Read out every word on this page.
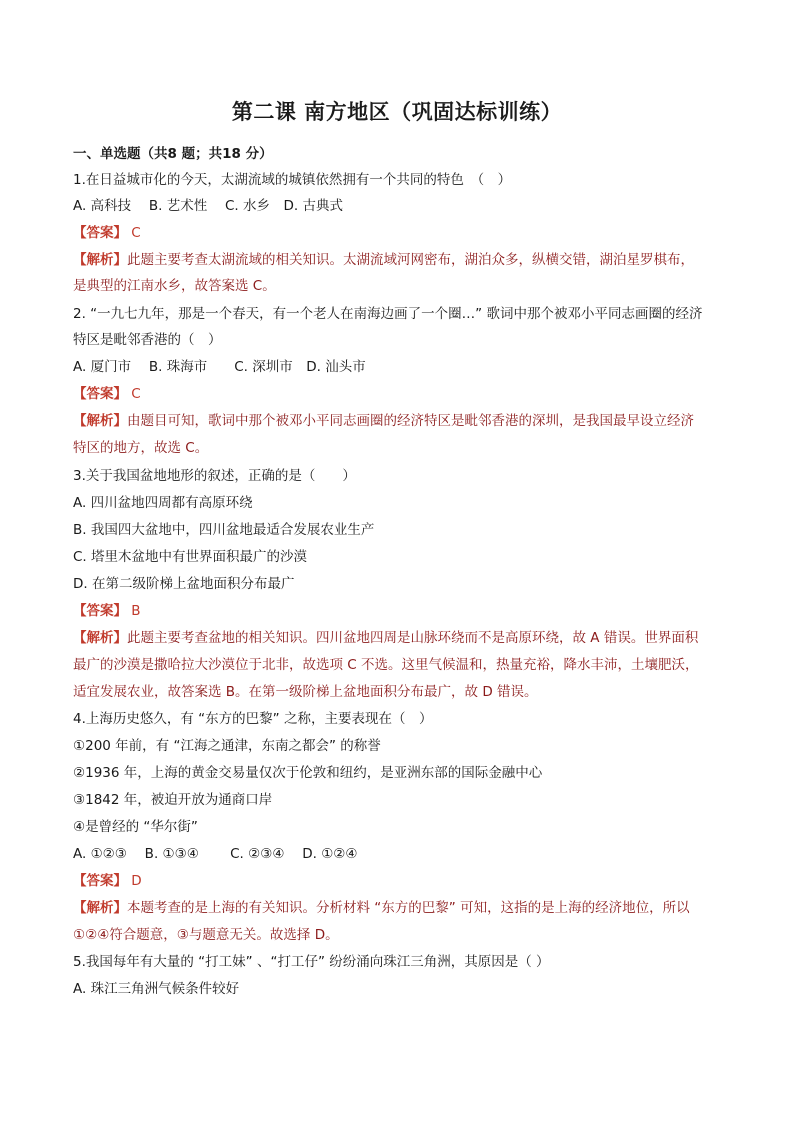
第二课 南方地区（巩固达标训练）
一、单选题（共8 题；共18 分）
1.在日益城市化的今天，太湖流域的城镇依然拥有一个共同的特色　（　）
A. 高科技　 B. 艺术性　 C. 水乡　D. 古典式
【答案】 C
【解析】此题主要考查太湖流域的相关知识。太湖流域河网密布，湖泊众多，纵横交错，湖泊星罗棋布，
是典型的江南水乡，故答案选 C。
2. “一九七九年，那是一个春天，有一个老人在南海边画了一个圈…” 歌词中那个被邓小平同志画圈的经济
特区是毗邻香港的（　）
A. 厦门市　 B. 珠海市　　C. 深圳市　D. 汕头市
【答案】 C
【解析】由题目可知，歌词中那个被邓小平同志画圈的经济特区是毗邻香港的深圳，是我国最早设立经济
特区的地方，故选 C。
3.关于我国盆地地形的叙述，正确的是（　　）
A. 四川盆地四周都有高原环绕
B. 我国四大盆地中，四川盆地最适合发展农业生产
C. 塔里木盆地中有世界面积最广的沙漠
D. 在第二级阶梯上盆地面积分布最广
【答案】 B
【解析】此题主要考查盆地的相关知识。四川盆地四周是山脉环绕而不是高原环绕，故 A 错误。世界面积
最广的沙漠是撒哈拉大沙漠位于北非，故选项 C 不选。这里气候温和，热量充裕，降水丰沛，土壤肥沃，
适宜发展农业，故答案选 B。在第一级阶梯上盆地面积分布最广，故 D 错误。
4.上海历史悠久，有 “东方的巴黎” 之称，主要表现在（　）
①200 年前，有 “江海之通津，东南之都会” 的称誉
②1936 年，上海的黄金交易量仅次于伦敦和纽约，是亚洲东部的国际金融中心
③1842 年，被迫开放为通商口岸
④是曾经的 “华尔街”
A. ①②③　 B. ①③④　　 C. ②③④　 D. ①②④
【答案】 D
【解析】本题考查的是上海的有关知识。分析材料 “东方的巴黎” 可知，这指的是上海的经济地位，所以
①②④符合题意，③与题意无关。故选择 D。
5.我国每年有大量的 “打工妹” 、“打工仔” 纷纷涌向珠江三角洲，其原因是（ ）
A. 珠江三角洲气候条件较好
